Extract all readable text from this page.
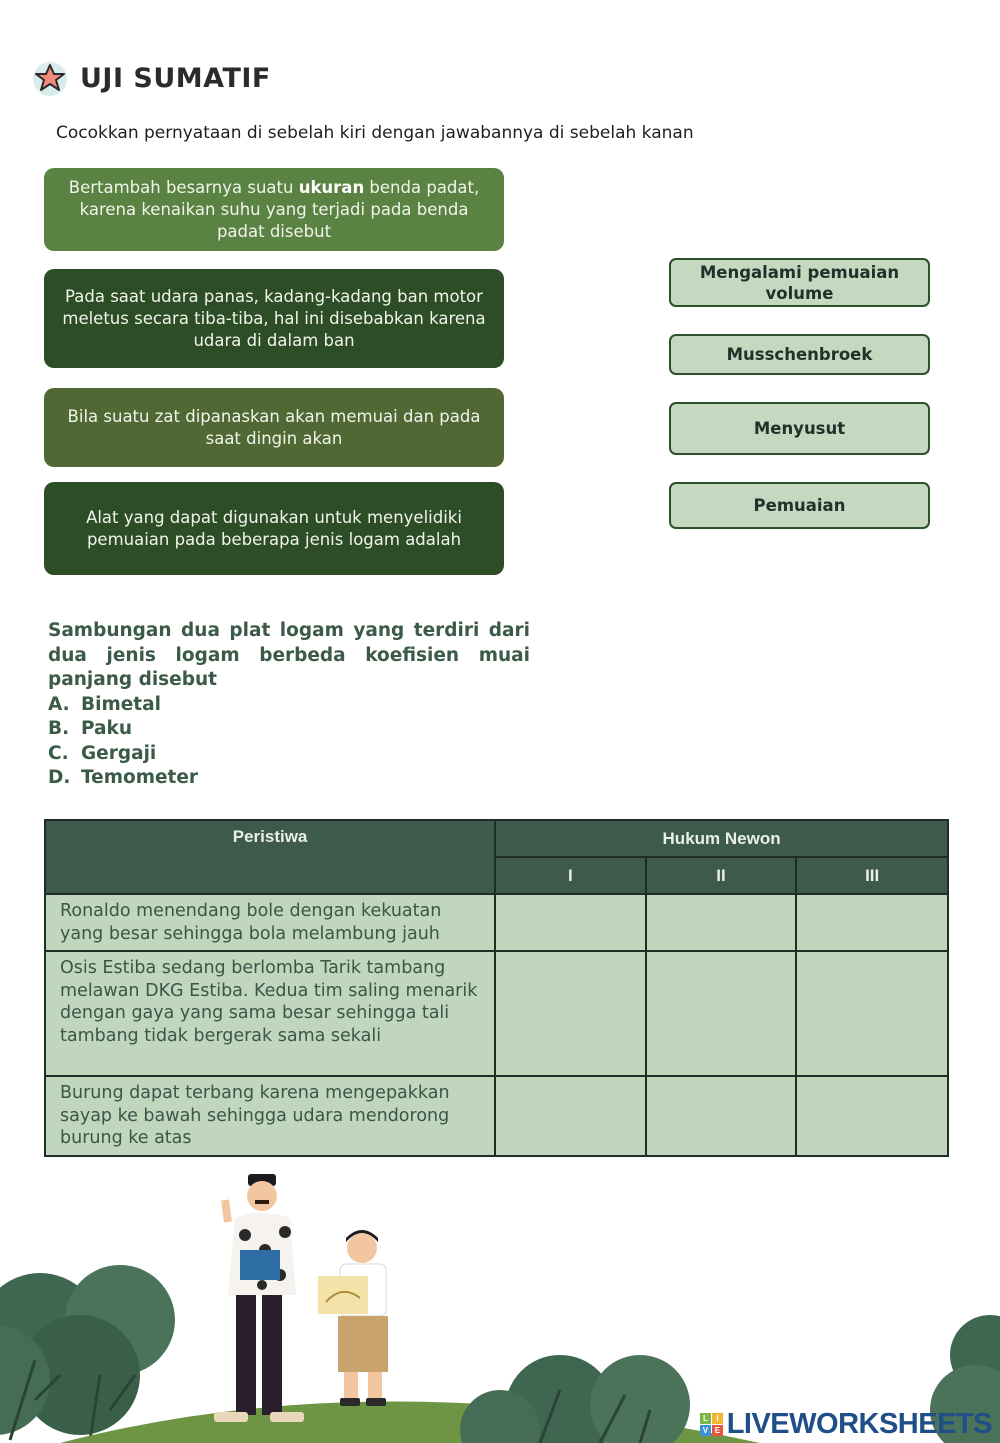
UJI SUMATIF
Cocokkan pernyataan di sebelah kiri dengan jawabannya di sebelah kanan
Bertambah besarnya suatu ukuran benda padat, karena kenaikan suhu yang terjadi pada benda padat disebut
Pada saat udara panas, kadang-kadang ban motor meletus secara tiba-tiba, hal ini disebabkan karena udara di dalam ban
Bila suatu zat dipanaskan akan memuai dan pada saat dingin akan
Alat yang dapat digunakan untuk menyelidiki pemuaian pada beberapa jenis logam adalah
Mengalami pemuaian volume
Musschenbroek
Menyusut
Pemuaian
Sambungan dua plat logam yang terdiri dari dua jenis logam berbeda koefisien muai panjang disebut
A. Bimetal
B. Paku
C. Gergaji
D. Temometer
Peristiwa	Hukum Newon		
	I	II	III
Ronaldo menendang bole dengan kekuatan yang besar sehingga bola melambung jauh			
Osis Estiba sedang berlomba Tarik tambang melawan DKG Estiba. Kedua tim saling menarik dengan gaya yang sama besar sehingga tali tambang tidak bergerak sama sekali			
Burung dapat terbang karena mengepakkan sayap ke bawah sehingga udara mendorong burung ke atas			
L	I
V E LIVEWORKSHEETS
